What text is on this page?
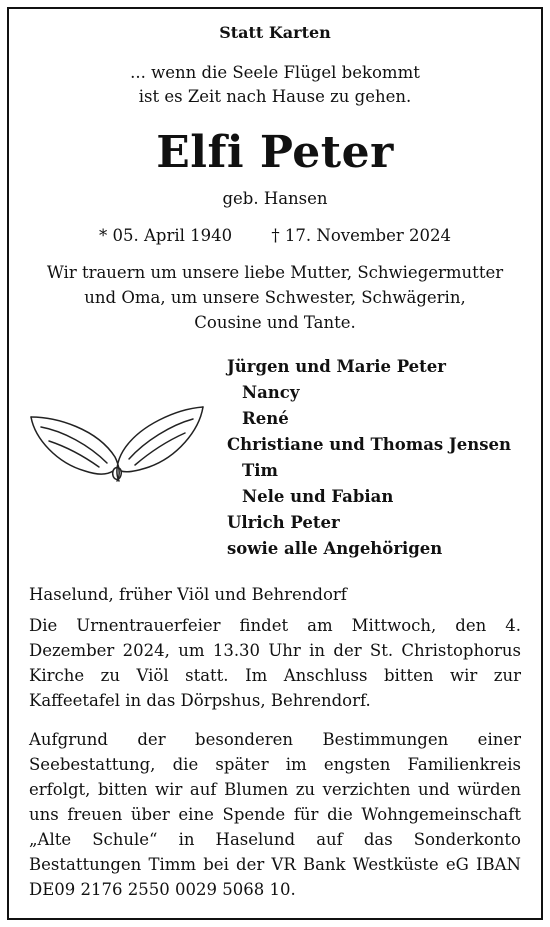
Statt Karten
... wenn die Seele Flügel bekommt
ist es Zeit nach Hause zu gehen.
Elfi Peter
geb. Hansen
* 05. April 1940 † 17. November 2024
Wir trauern um unsere liebe Mutter, Schwiegermutter
und Oma, um unsere Schwester, Schwägerin,
Cousine und Tante.
Jürgen und Marie Peter
Nancy
René
Christiane und Thomas Jensen
Tim
Nele und Fabian
Ulrich Peter
sowie alle Angehörigen
Haselund, früher Viöl und Behrendorf
Die Urnentrauerfeier findet am Mittwoch, den 4. Dezember 2024, um 13.30 Uhr in der St. Christophorus Kirche zu Viöl statt. Im Anschluss bitten wir zur Kaffeetafel in das Dörpshus, Behrendorf.
Aufgrund der besonderen Bestimmungen einer Seebestattung, die später im engsten Familienkreis erfolgt, bitten wir auf Blumen zu verzichten und würden uns freuen über eine Spende für die Wohngemeinschaft „Alte Schule“ in Haselund auf das Sonderkonto Bestattungen Timm bei der VR Bank Westküste eG IBAN DE09 2176 2550 0029 5068 10.
